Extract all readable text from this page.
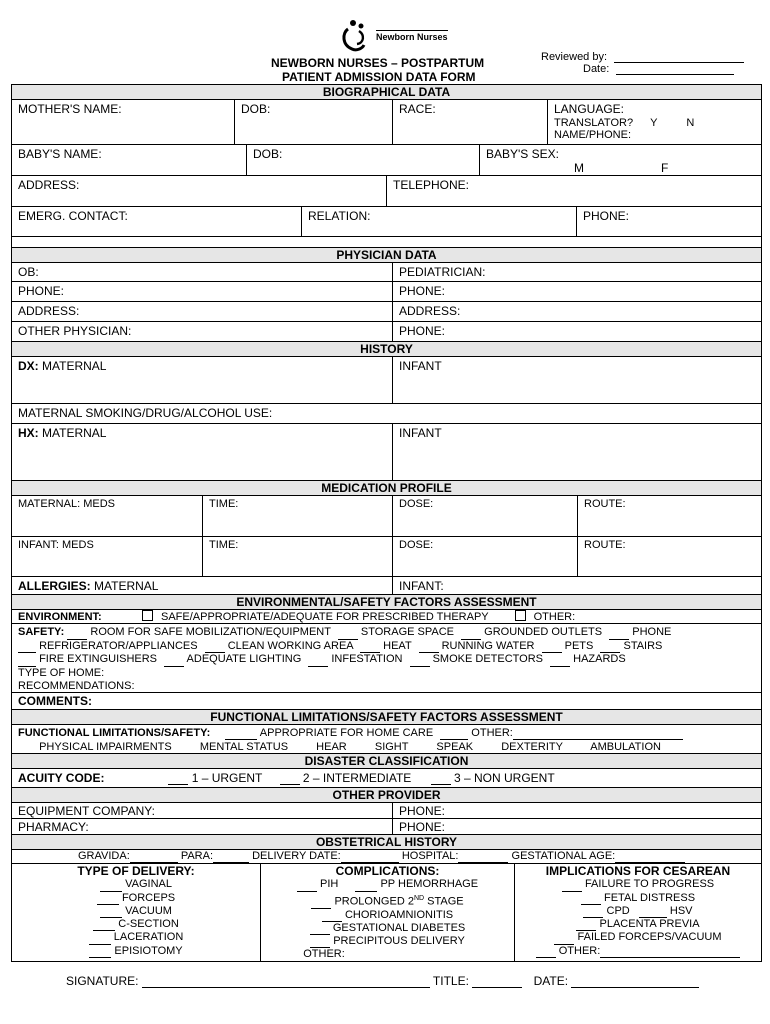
Newborn Nurses
NEWBORN NURSES – POSTPARTUM
PATIENT ADMISSION DATA FORM
Reviewed by:
Date:
BIOGRAPHICAL DATA
MOTHER'S NAME:	DOB:	RACE:	LANGUAGE:
TRANSLATOR? Y	N
NAME/PHONE:
BABY'S NAME:	DOB:	BABY'S SEX:
M	F
ADDRESS:	TELEPHONE:
EMERG. CONTACT:	RELATION:	PHONE:
PHYSICIAN DATA
OB:	PEDIATRICIAN:
PHONE:	PHONE:
ADDRESS:	ADDRESS:
OTHER PHYSICIAN:	PHONE:
HISTORY
DX: MATERNAL	INFANT
MATERNAL SMOKING/DRUG/ALCOHOL USE:
HX: MATERNAL	INFANT
MEDICATION PROFILE
MATERNAL: MEDS	TIME:	DOSE:	ROUTE:
INFANT: MEDS	TIME:	DOSE:	ROUTE:
ALLERGIES: MATERNAL	INFANT:
ENVIRONMENTAL/SAFETY FACTORS ASSESSMENT
ENVIRONMENT:	SAFE/APPROPRIATE/ADEQUATE FOR PRESCRIBED THERAPY	OTHER:
SAFETY: ROOM FOR SAFE MOBILIZATION/EQUIPMENT	STORAGE SPACE	GROUNDED OUTLETS	PHONE
REFRIGERATOR/APPLIANCES	CLEAN WORKING AREA	HEAT	RUNNING WATER	PETS	STAIRS
FIRE EXTINGUISHERS	ADEQUATE LIGHTING	INFESTATION	SMOKE DETECTORS	HAZARDS
TYPE OF HOME:
RECOMMENDATIONS:
COMMENTS:
FUNCTIONAL LIMITATIONS/SAFETY FACTORS ASSESSMENT
FUNCTIONAL LIMITATIONS/SAFETY:	APPROPRIATE FOR HOME CARE	OTHER:
PHYSICAL IMPAIRMENTS	MENTAL STATUS	HEAR	SIGHT	SPEAK	DEXTERITY	AMBULATION
DISASTER CLASSIFICATION
ACUITY CODE:	1 – URGENT	2 – INTERMEDIATE	3 – NON URGENT
OTHER PROVIDER
EQUIPMENT COMPANY:	PHONE:
PHARMACY:	PHONE:
OBSTETRICAL HISTORY
GRAVIDA:	PARA:	DELIVERY DATE:	HOSPITAL:	GESTATIONAL AGE:
TYPE OF DELIVERY:
VAGINAL
FORCEPS
VACUUM
C-SECTION
LACERATION
EPISIOTOMY
COMPLICATIONS:
PIH	PP HEMORRHAGE
PROLONGED 2ND STAGE
CHORIOAMNIONITIS
GESTATIONAL DIABETES
PRECIPITOUS DELIVERY
OTHER:
IMPLICATIONS FOR CESAREAN
FAILURE TO PROGRESS
FETAL DISTRESS
CPD	HSV
PLACENTA PREVIA
FAILED FORCEPS/VACUUM
OTHER:
SIGNATURE:	TITLE:	DATE:
